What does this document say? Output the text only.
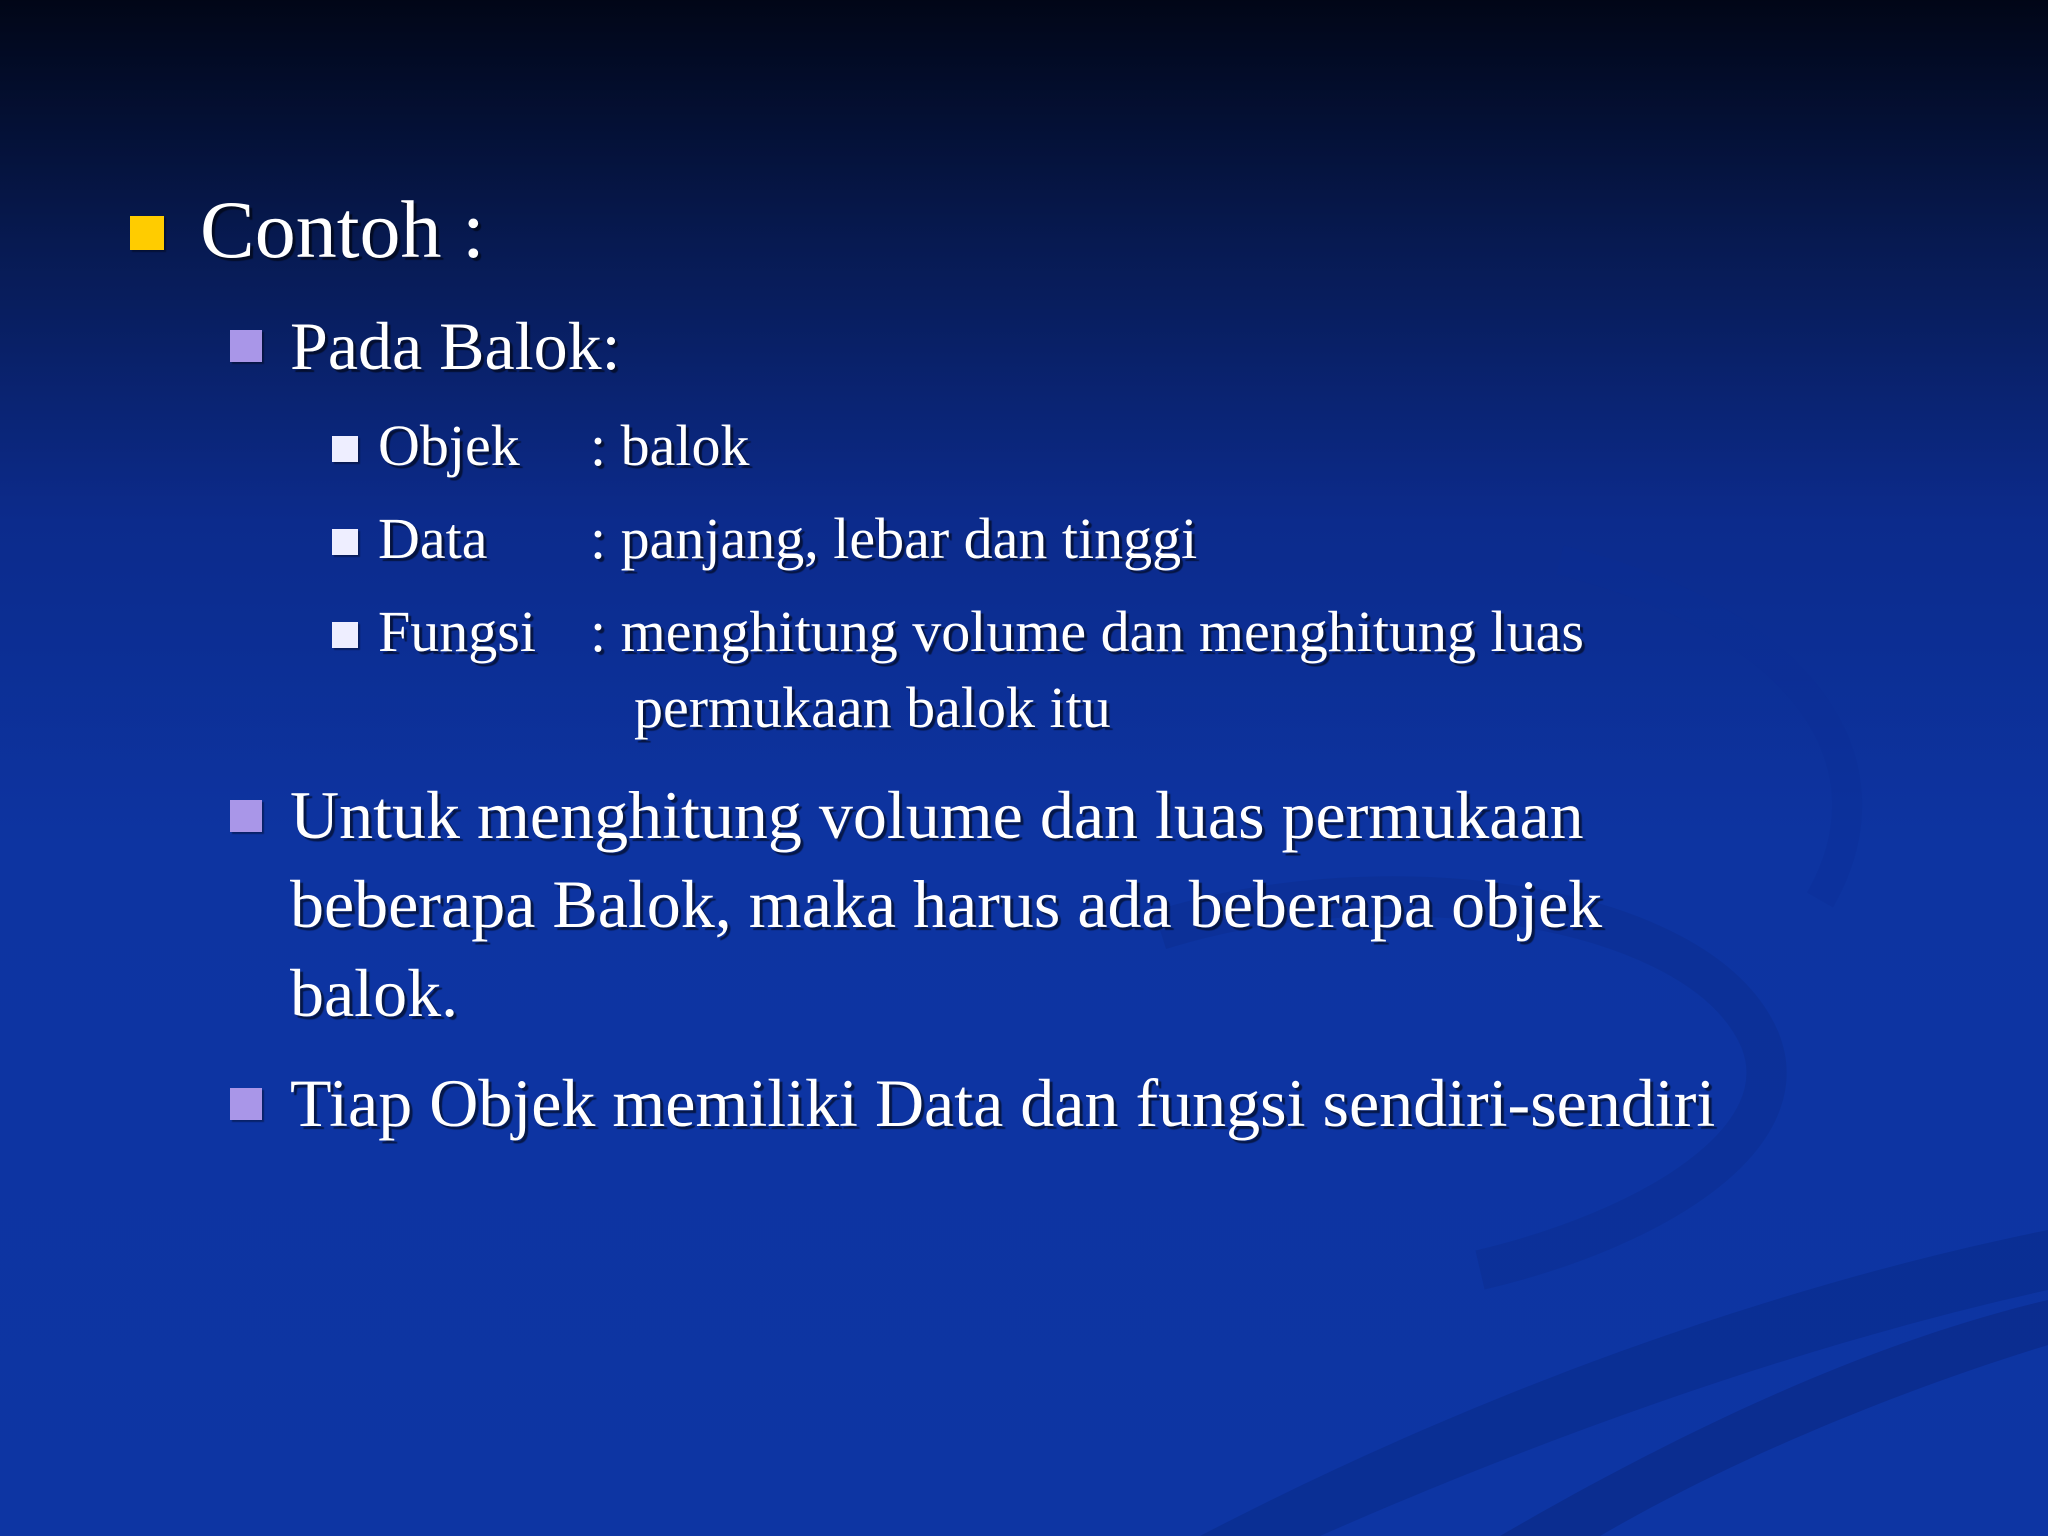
Contoh :
Pada Balok:
Objek : balok
Data : panjang, lebar dan tinggi
Fungsi : menghitung volume dan menghitung luas
permukaan balok itu
Untuk menghitung volume dan luas permukaan
beberapa Balok, maka harus ada beberapa objek
balok.
Tiap Objek memiliki Data dan fungsi sendiri-sendiri
